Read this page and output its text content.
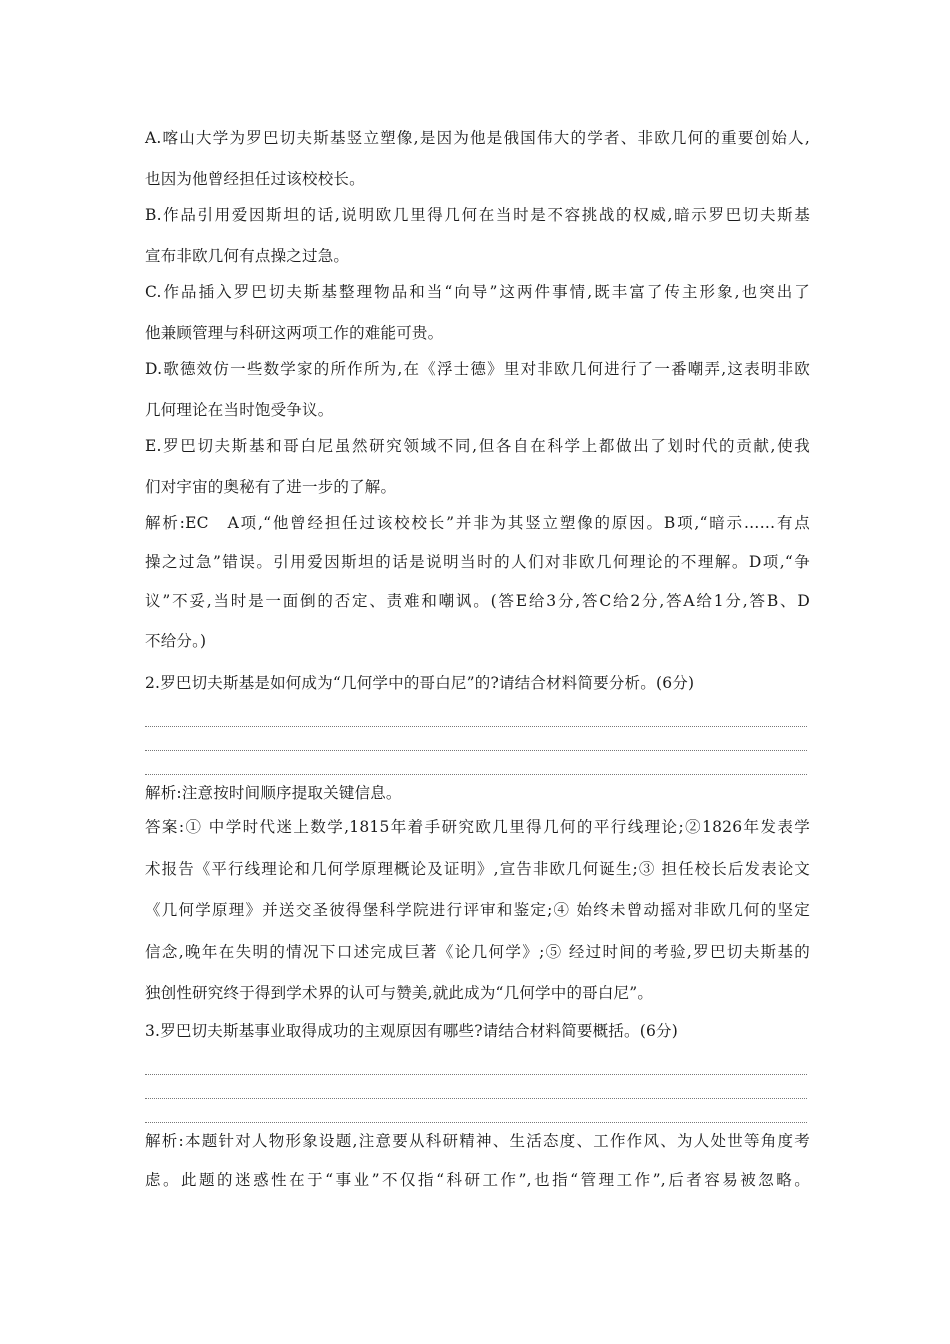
A.喀山大学为罗巴切夫斯基竖立塑像,是因为他是俄国伟大的学者、非欧几何的重要创始人,
也因为他曾经担任过该校校长。
B.作品引用爱因斯坦的话,说明欧几里得几何在当时是不容挑战的权威,暗示罗巴切夫斯基
宣布非欧几何有点操之过急。
C.作品插入罗巴切夫斯基整理物品和当“向导”这两件事情,既丰富了传主形象,也突出了
他兼顾管理与科研这两项工作的难能可贵。
D.歌德效仿一些数学家的所作所为,在《浮士德》里对非欧几何进行了一番嘲弄,这表明非欧
几何理论在当时饱受争议。
E.罗巴切夫斯基和哥白尼虽然研究领域不同,但各自在科学上都做出了划时代的贡献,使我
们对宇宙的奥秘有了进一步的了解。
解析:EC　A项,“他曾经担任过该校校长”并非为其竖立塑像的原因。B项,“暗示……有点
操之过急”错误。引用爱因斯坦的话是说明当时的人们对非欧几何理论的不理解。D项,“争
议”不妥,当时是一面倒的否定、责难和嘲讽。(答E给3分,答C给2分,答A给1分,答B、D
不给分。)
2.罗巴切夫斯基是如何成为“几何学中的哥白尼”的?请结合材料简要分析。(6分)
解析:注意按时间顺序提取关键信息。
答案:① 中学时代迷上数学,1815年着手研究欧几里得几何的平行线理论;②1826年发表学
术报告《平行线理论和几何学原理概论及证明》,宣告非欧几何诞生;③ 担任校长后发表论文
《几何学原理》并送交圣彼得堡科学院进行评审和鉴定;④ 始终未曾动摇对非欧几何的坚定
信念,晚年在失明的情况下口述完成巨著《论几何学》;⑤ 经过时间的考验,罗巴切夫斯基的
独创性研究终于得到学术界的认可与赞美,就此成为“几何学中的哥白尼”。
3.罗巴切夫斯基事业取得成功的主观原因有哪些?请结合材料简要概括。(6分)
解析:本题针对人物形象设题,注意要从科研精神、生活态度、工作作风、为人处世等角度考
虑。此题的迷惑性在于“事业”不仅指“科研工作”,也指“管理工作”,后者容易被忽略。
